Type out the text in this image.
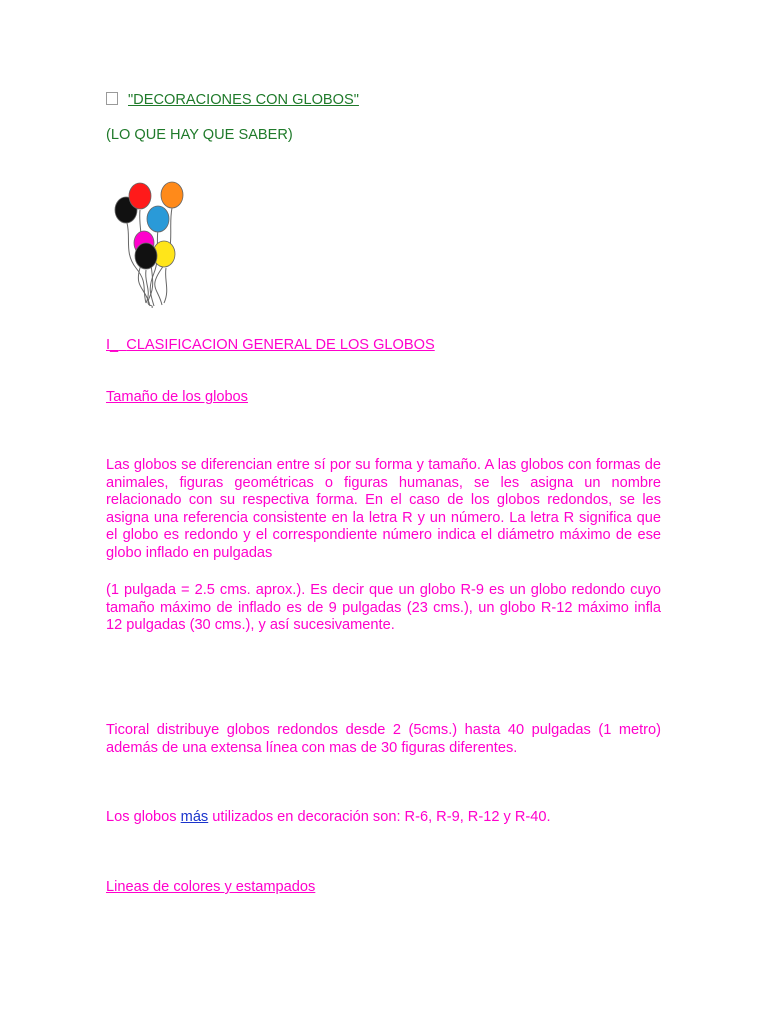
"DECORACIONES CON GLOBOS"

(LO QUE HAY QUE SABER)

I_ CLASIFICACION GENERAL DE LOS GLOBOS

Tamaño de los globos

Las globos se diferencian entre sí por su forma y tamaño. A las globos con formas de animales, figuras geométricas o figuras humanas, se les asigna un nombre relacionado con su respectiva forma. En el caso de los globos redondos, se les asigna una referencia consistente en la letra R y un número. La letra R significa que el globo es redondo y el correspondiente número indica el diámetro máximo de ese globo inflado en pulgadas

(1 pulgada = 2.5 cms. aprox.). Es decir que un globo R-9 es un globo redondo cuyo tamaño máximo de inflado es de 9 pulgadas (23 cms.), un globo R-12 máximo infla 12 pulgadas (30 cms.), y así sucesivamente.

Ticoral distribuye globos redondos desde 2 (5cms.) hasta 40 pulgadas (1 metro) además de una extensa línea con mas de 30 figuras diferentes.

Los globos más utilizados en decoración son: R-6, R-9, R-12 y R-40.

Lineas de colores y estampados
